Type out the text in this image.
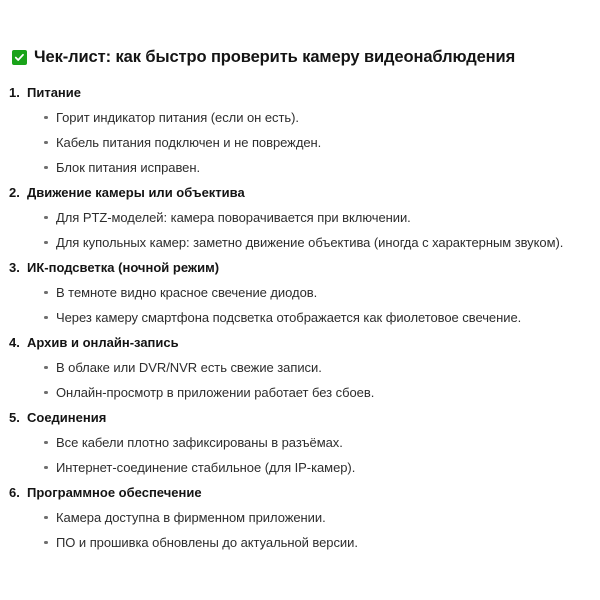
Чек-лист: как быстро проверить камеру видеонаблюдения
1. Питание
Горит индикатор питания (если он есть).
Кабель питания подключен и не поврежден.
Блок питания исправен.
2. Движение камеры или объектива
Для PTZ-моделей: камера поворачивается при включении.
Для купольных камер: заметно движение объектива (иногда с характерным звуком).
3. ИК-подсветка (ночной режим)
В темноте видно красное свечение диодов.
Через камеру смартфона подсветка отображается как фиолетовое свечение.
4. Архив и онлайн-запись
В облаке или DVR/NVR есть свежие записи.
Онлайн-просмотр в приложении работает без сбоев.
5. Соединения
Все кабели плотно зафиксированы в разъёмах.
Интернет-соединение стабильное (для IP-камер).
6. Программное обеспечение
Камера доступна в фирменном приложении.
ПО и прошивка обновлены до актуальной версии.
